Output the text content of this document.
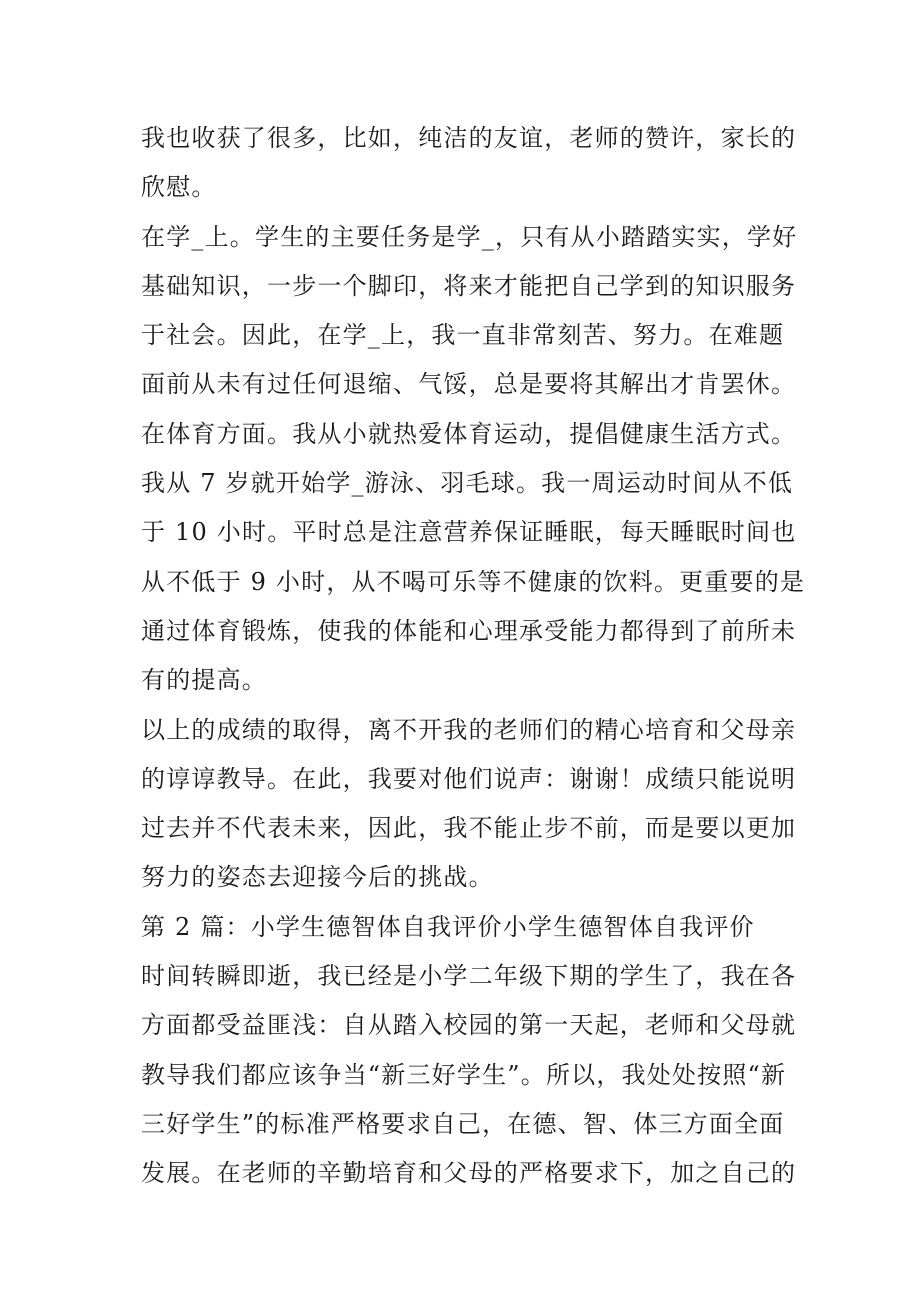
我也收获了很多，比如，纯洁的友谊，老师的赞许，家长的
欣慰。
在学_上。学生的主要任务是学_，只有从小踏踏实实，学好
基础知识，一步一个脚印，将来才能把自己学到的知识服务
于社会。因此，在学_上，我一直非常刻苦、努力。在难题
面前从未有过任何退缩、气馁，总是要将其解出才肯罢休。
在体育方面。我从小就热爱体育运动，提倡健康生活方式。
我从 7 岁就开始学_游泳、羽毛球。我一周运动时间从不低
于 10 小时。平时总是注意营养保证睡眠，每天睡眠时间也
从不低于 9 小时，从不喝可乐等不健康的饮料。更重要的是
通过体育锻炼，使我的体能和心理承受能力都得到了前所未
有的提高。
以上的成绩的取得，离不开我的老师们的精心培育和父母亲
的谆谆教导。在此，我要对他们说声：谢谢！成绩只能说明
过去并不代表未来，因此，我不能止步不前，而是要以更加
努力的姿态去迎接今后的挑战。
第 2 篇：小学生德智体自我评价小学生德智体自我评价
时间转瞬即逝，我已经是小学二年级下期的学生了，我在各
方面都受益匪浅：自从踏入校园的第一天起，老师和父母就
教导我们都应该争当“新三好学生”。所以，我处处按照“新
三好学生”的标准严格要求自己，在德、智、体三方面全面
发展。在老师的辛勤培育和父母的严格要求下，加之自己的
